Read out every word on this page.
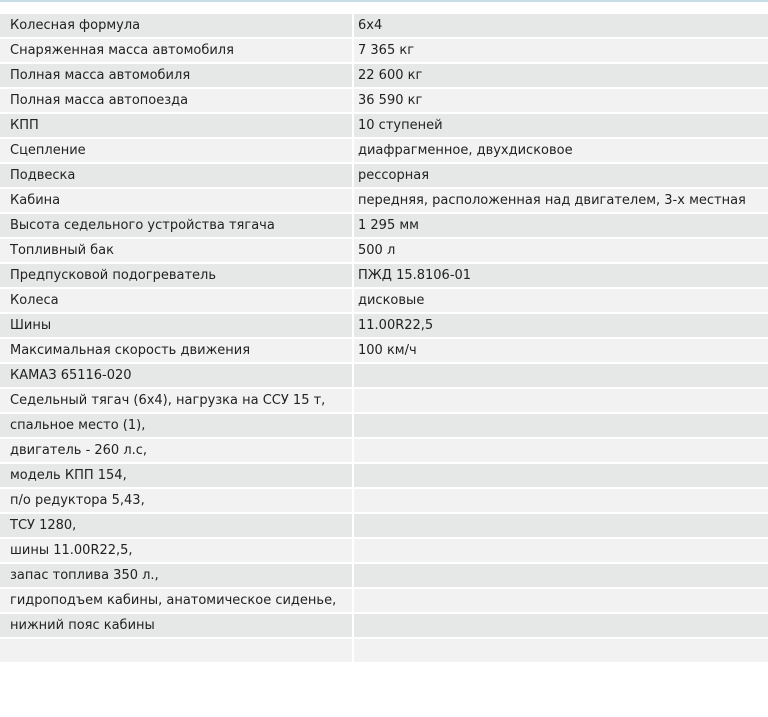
Колесная формула	6х4
Снаряженная масса автомобиля	7 365 кг
Полная масса автомобиля	22 600 кг
Полная масса автопоезда	36 590 кг
КПП	10 ступеней
Сцепление	диафрагменное, двухдисковое
Подвеска	рессорная
Кабина	передняя, расположенная над двигателем, 3-х местная
Высота седельного устройства тягача	1 295 мм
Топливный бак	500 л
Предпусковой подогреватель	ПЖД 15.8106-01
Колеса	дисковые
Шины	11.00R22,5
Максимальная скорость движения	100 км/ч
КАМАЗ 65116-020	
Седельный тягач (6х4), нагрузка на ССУ 15 т,	
спальное место (1),	
двигатель - 260 л.с,	
модель КПП 154,	
п/о редуктора 5,43,	
ТСУ 1280,	
шины 11.00R22,5,	
запас топлива 350 л.,	
гидроподъем кабины, анатомическое сиденье,	
нижний пояс кабины	
